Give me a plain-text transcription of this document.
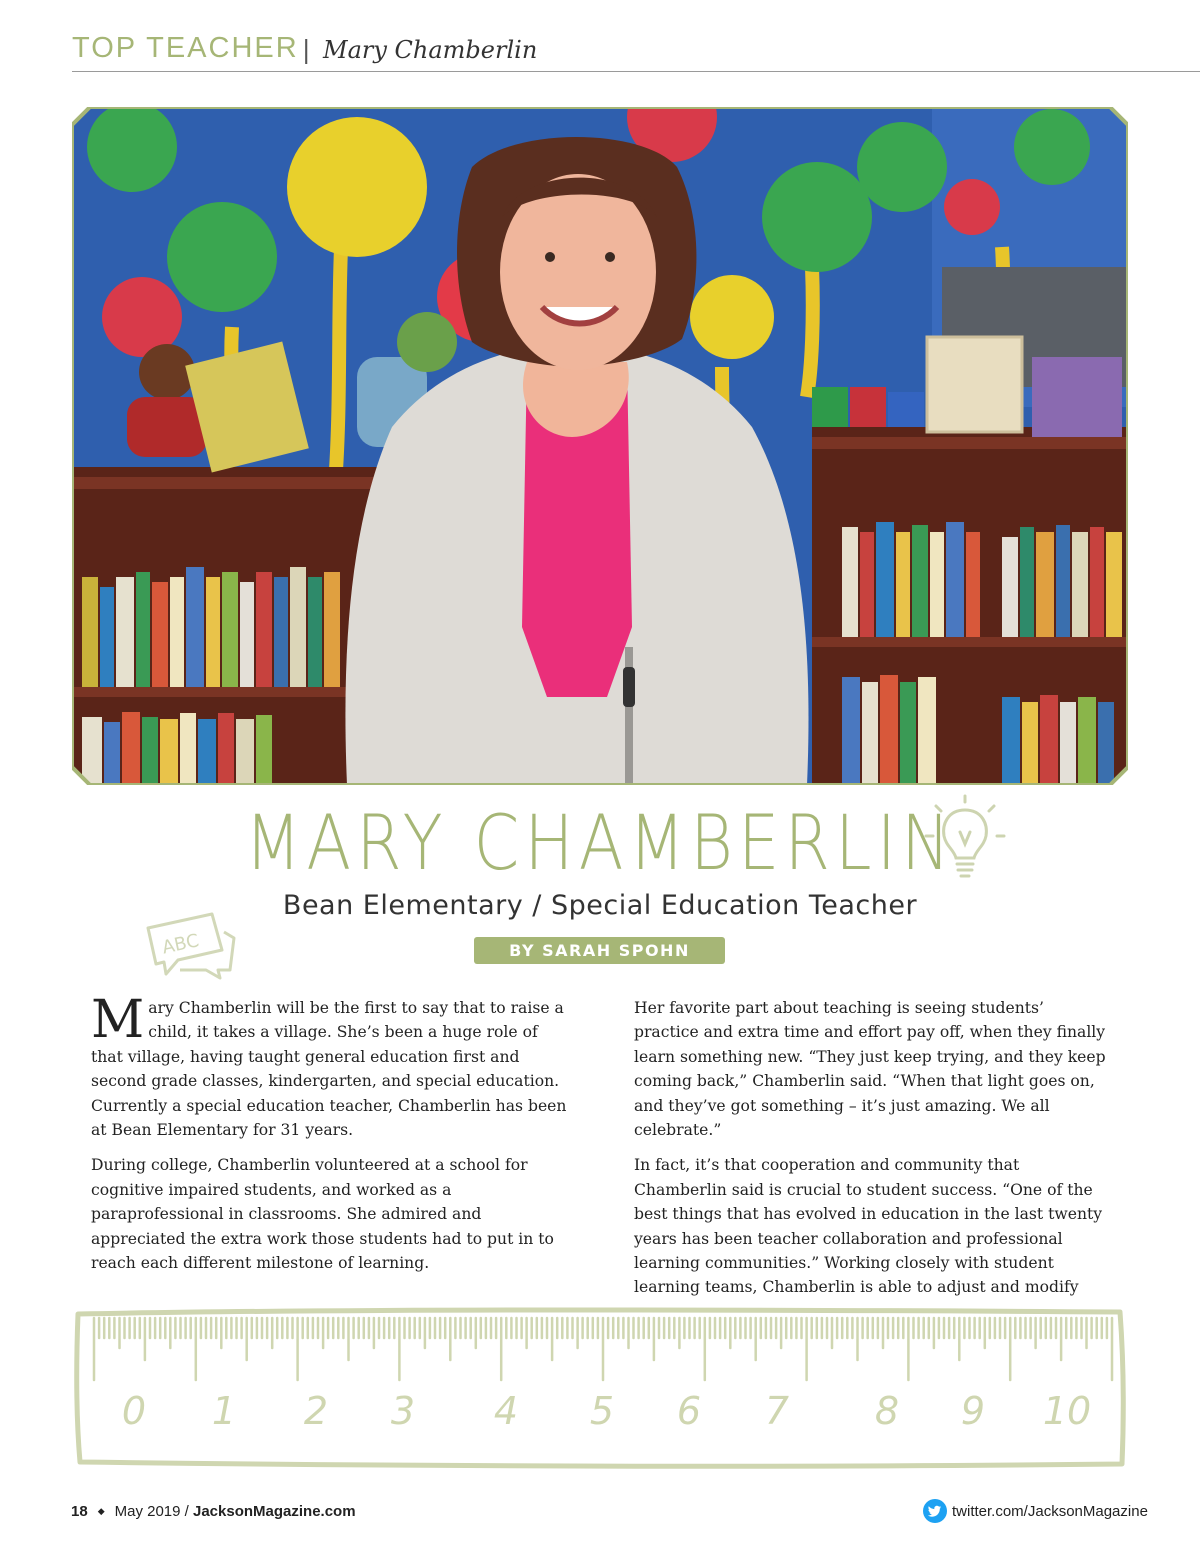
TOP TEACHER | Mary Chamberlin
MARY CHAMBERLIN
Bean Elementary / Special Education Teacher
ABC	BY SARAH SPOHN

Mary Chamberlin will be the first to say that to raise a child, it takes a village. She’s been a huge role of that village, having taught general education first and second grade classes, kindergarten, and special education. Currently a special education teacher, Chamberlin has been at Bean Elementary for 31 years.

During college, Chamberlin volunteered at a school for cognitive impaired students, and worked as a paraprofessional in classrooms. She admired and appreciated the extra work those students had to put in to reach each different milestone of learning.

Her favorite part about teaching is seeing students’ practice and extra time and effort pay off, when they finally learn something new. “They just keep trying, and they keep coming back,” Chamberlin said. “When that light goes on, and they’ve got something – it’s just amazing. We all celebrate.”

In fact, it’s that cooperation and community that Chamberlin said is crucial to student success. “One of the best things that has evolved in education in the last twenty years has been teacher collaboration and professional learning communities.” Working closely with student learning teams, Chamberlin is able to adjust and modify

0 1 2 3 4 5 6 7 8 9 10
18 ◆ May 2019 / JacksonMagazine.com	twitter.com/JacksonMagazine
